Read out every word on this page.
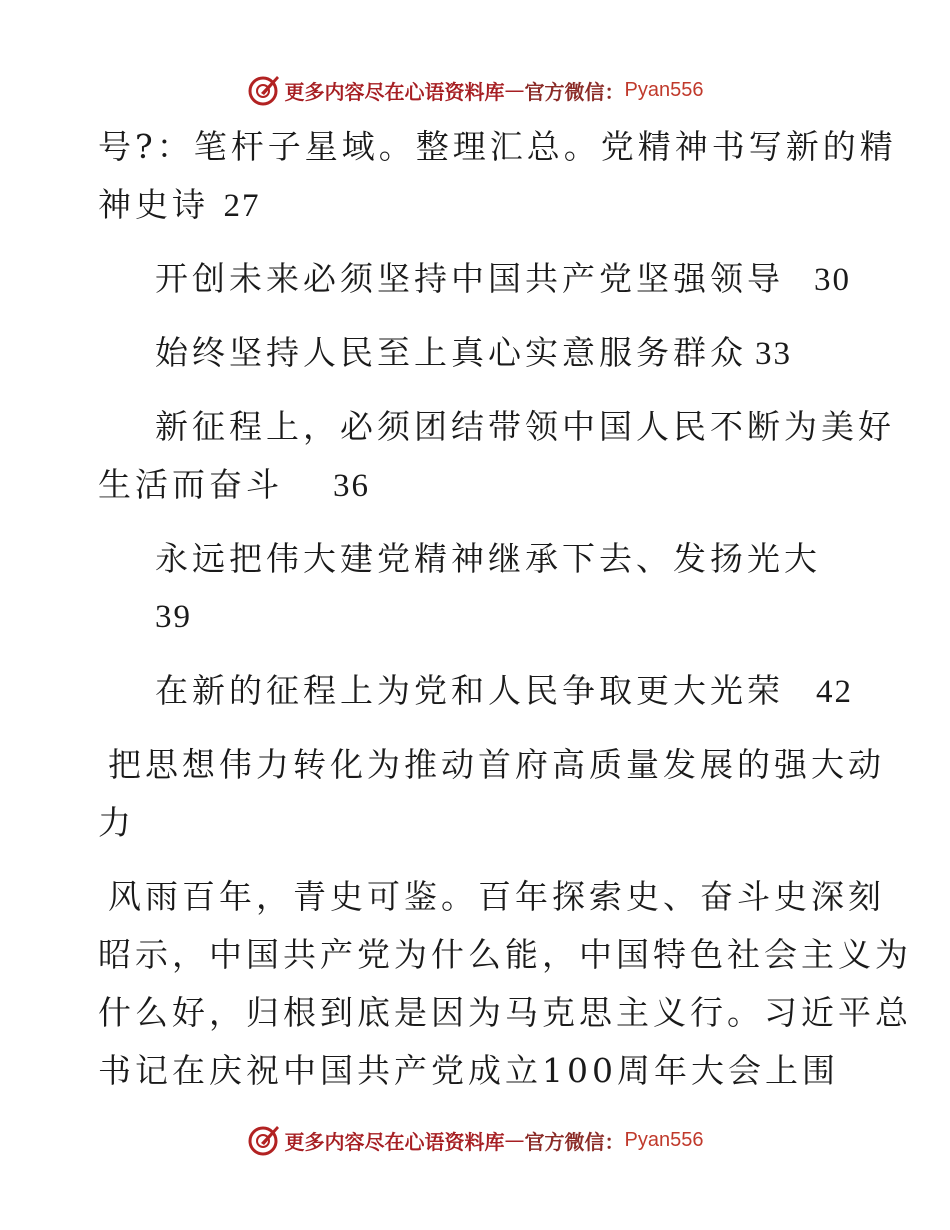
更多内容尽在心语资料库 — 官方微信： Pyan556
号?：笔杆子星域。整理汇总。党精神书写新的精
神史诗 27
开创未来必须坚持中国共产党坚强领导 30
始终坚持人民至上真心实意服务群众 33
新征程上，必须团结带领中国人民不断为美好
生活而奋斗 36
永远把伟大建党精神继承下去、发扬光大
39
在新的征程上为党和人民争取更大光荣 42
把思想伟力转化为推动首府高质量发展的强大动
力
风雨百年，青史可鉴。百年探索史、奋斗史深刻
昭示，中国共产党为什么能，中国特色社会主义为
什么好，归根到底是因为马克思主义行。习近平总
书记在庆祝中国共产党成立100周年大会上围
更多内容尽在心语资料库 — 官方微信： Pyan556
